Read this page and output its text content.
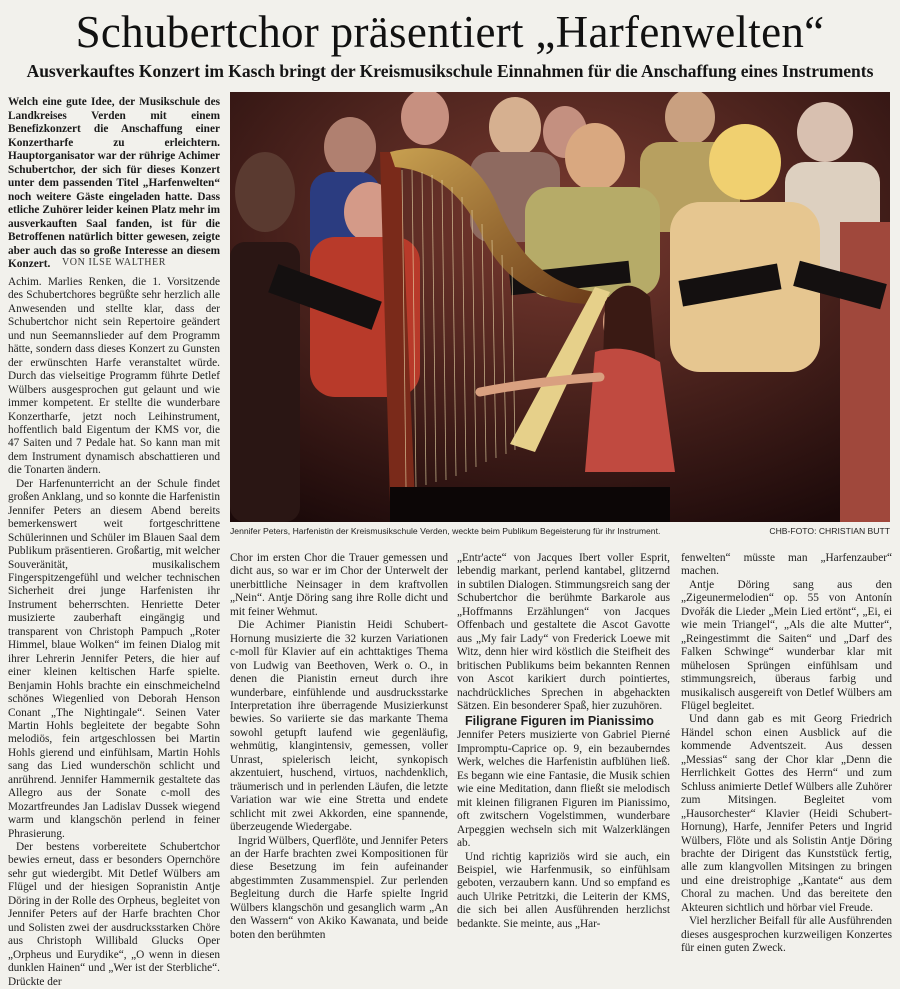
Schubertchor präsentiert „Harfenwelten“
Ausverkauftes Konzert im Kasch bringt der Kreismusikschule Einnahmen für die Anschaffung eines Instruments
Welch eine gute Idee, der Musikschule des Landkreises Verden mit einem Benefizkonzert die Anschaffung einer Konzertharfe zu erleichtern. Hauptorganisator war der rührige Achimer Schubertchor, der sich für dieses Konzert unter dem passenden Titel „Harfenwelten“ noch weitere Gäste eingeladen hatte. Dass etliche Zuhörer leider keinen Platz mehr im ausverkauften Saal fanden, ist für die Betroffenen natürlich bitter gewesen, zeigte aber auch das so große Interesse an diesem Konzert.	VON ILSE WALTHER

Achim. Marlies Renken, die 1. Vorsitzende des Schubertchores begrüßte sehr herzlich alle Anwesenden und stellte klar, dass der Schubertchor nicht sein Repertoire geändert und nun Seemannslieder auf dem Programm hätte, sondern dass dieses Konzert zu Gunsten der erwünschten Harfe veranstaltet würde. Durch das vielseitige Programm führte Detlef Wülbers ausgesprochen gut gelaunt und wie immer kompetent. Er stellte die wunderbare Konzertharfe, jetzt noch Leihinstrument, hoffentlich bald Eigentum der KMS vor, die 47 Saiten und 7 Pedale hat. So kann man mit dem Instrument dynamisch abschattieren und die Tonarten ändern.

Der Harfenunterricht an der Schule findet großen Anklang, und so konnte die Harfenistin Jennifer Peters an diesem Abend bereits bemerkenswert weit fortgeschrittene Schülerinnen und Schüler im Blauen Saal dem Publikum präsentieren. Großartig, mit welcher Souveränität, musikalischem Fingerspitzengefühl und welcher technischen Sicherheit drei junge Harfenisten ihr Instrument beherrschten. Henriette Deter musizierte zauberhaft eingängig und transparent von Christoph Pampuch „Roter Himmel, blaue Wolken“ im feinen Dialog mit ihrer Lehrerin Jennifer Peters, die hier auf einer kleinen keltischen Harfe spielte. Benjamin Hohls brachte ein einschmeichelnd schönes Wiegenlied von Deborah Henson Conant „The Nightingale“. Seinen Vater Martin Hohls begleitete der begabte Sohn melodiös, fein artgeschlossen bei Martin Hohls gierend und einfühlsam, Martin Hohls sang das Lied wunderschön schlicht und anrührend. Jennifer Hammernik gestaltete das Allegro aus der Sonate c-moll des Mozartfreundes Jan Ladislav Dussek wiegend warm und klangschön perlend in feiner Phrasierung.

Der bestens vorbereitete Schubertchor bewies erneut, dass er besonders Opernchöre sehr gut wiedergibt. Mit Detlef Wülbers am Flügel und der hiesigen Sopranistin Antje Döring in der Rolle des Orpheus, begleitet von Jennifer Peters auf der Harfe brachten Chor und Solisten zwei der ausdrucksstarken Chöre aus Christoph Willibald Glucks Oper „Orpheus und Eurydike“, „O wenn in diesen dunklen Hainen“ und „Wer ist der Sterbliche“. Drückte der

Jennifer Peters, Harfenistin der Kreismusikschule Verden, weckte beim Publikum Begeisterung für ihr Instrument.	CHB-FOTO: CHRISTIAN BUTT

Chor im ersten Chor die Trauer gemessen und dicht aus, so war er im Chor der Unterwelt der unerbittliche Neinsager in dem kraftvollen „Nein“. Antje Döring sang ihre Rolle dicht und mit feiner Wehmut.

Die Achimer Pianistin Heidi Schubert-Hornung musizierte die 32 kurzen Variationen c-moll für Klavier auf ein achttaktiges Thema von Ludwig van Beethoven, Werk o. O., in denen die Pianistin erneut durch ihre wunderbare, einfühlende und ausdrucksstarke Interpretation ihre überragende Musizierkunst bewies. So variierte sie das markante Thema sowohl getupft laufend wie gegenläufig, wehmütig, klangintensiv, gemessen, voller Unrast, spielerisch leicht, synkopisch akzentuiert, huschend, virtuos, nachdenklich, träumerisch und in perlenden Läufen, die letzte Variation war wie eine Stretta und endete schlicht mit zwei Akkorden, eine spannende, überzeugende Wiedergabe.

Ingrid Wülbers, Querflöte, und Jennifer Peters an der Harfe brachten zwei Kompositionen für diese Besetzung im fein aufeinander abgestimmten Zusammenspiel. Zur perlenden Begleitung durch die Harfe spielte Ingrid Wülbers klangschön und gesanglich warm „An den Wassern“ von Akiko Kawanata, und beide boten den berühmten

„Entr'acte“ von Jacques Ibert voller Esprit, lebendig markant, perlend kantabel, glitzernd in subtilen Dialogen. Stimmungsreich sang der Schubertchor die berühmte Barkarole aus „Hoffmanns Erzählungen“ von Jacques Offenbach und gestaltete die Ascot Gavotte aus „My fair Lady“ von Frederick Loewe mit Witz, denn hier wird köstlich die Steifheit des britischen Publikums beim bekannten Rennen von Ascot karikiert durch pointiertes, nachdrückliches Sprechen in abgehackten Sätzen. Ein besonderer Spaß, hier zuzuhören.

Filigrane Figuren im Pianissimo

Jennifer Peters musizierte von Gabriel Pierné Impromptu-Caprice op. 9, ein bezauberndes Werk, welches die Harfenistin aufblühen ließ. Es begann wie eine Fantasie, die Musik schien wie eine Meditation, dann fließt sie melodisch mit kleinen filigranen Figuren im Pianissimo, oft zwitschern Vogelstimmen, wunderbare Arpeggien wechseln sich mit Walzerklängen ab.

Und richtig kapriziös wird sie auch, ein Beispiel, wie Harfenmusik, so einfühlsam geboten, verzaubern kann. Und so empfand es auch Ulrike Petritzki, die Leiterin der KMS, die sich bei allen Ausführenden herzlichst bedankte. Sie meinte, aus „Har-

fenwelten“ müsste man „Harfenzauber“ machen.

Antje Döring sang aus den „Zigeunermelodien“ op. 55 von Antonín Dvořák die Lieder „Mein Lied ertönt“, „Ei, ei wie mein Triangel“, „Als die alte Mutter“, „Reingestimmt die Saiten“ und „Darf des Falken Schwinge“ wunderbar klar mit mühelosen Sprüngen einfühlsam und stimmungsreich, überaus farbig und musikalisch ausgereift von Detlef Wülbers am Flügel begleitet.

Und dann gab es mit Georg Friedrich Händel schon einen Ausblick auf die kommende Adventszeit. Aus dessen „Messias“ sang der Chor klar „Denn die Herrlichkeit Gottes des Herrn“ und zum Schluss animierte Detlef Wülbers alle Zuhörer zum Mitsingen. Begleitet vom „Hausorchester“ Klavier (Heidi Schubert-Hornung), Harfe, Jennifer Peters und Ingrid Wülbers, Flöte und als Solistin Antje Döring brachte der Dirigent das Kunststück fertig, alle zum klangvollen Mitsingen zu bringen und eine dreistrophige „Kantate“ aus dem Choral zu machen. Und das bereitete den Akteuren sichtlich und hörbar viel Freude.

Viel herzlicher Beifall für alle Ausführenden dieses ausgesprochen kurzweiligen Konzertes für einen guten Zweck.
